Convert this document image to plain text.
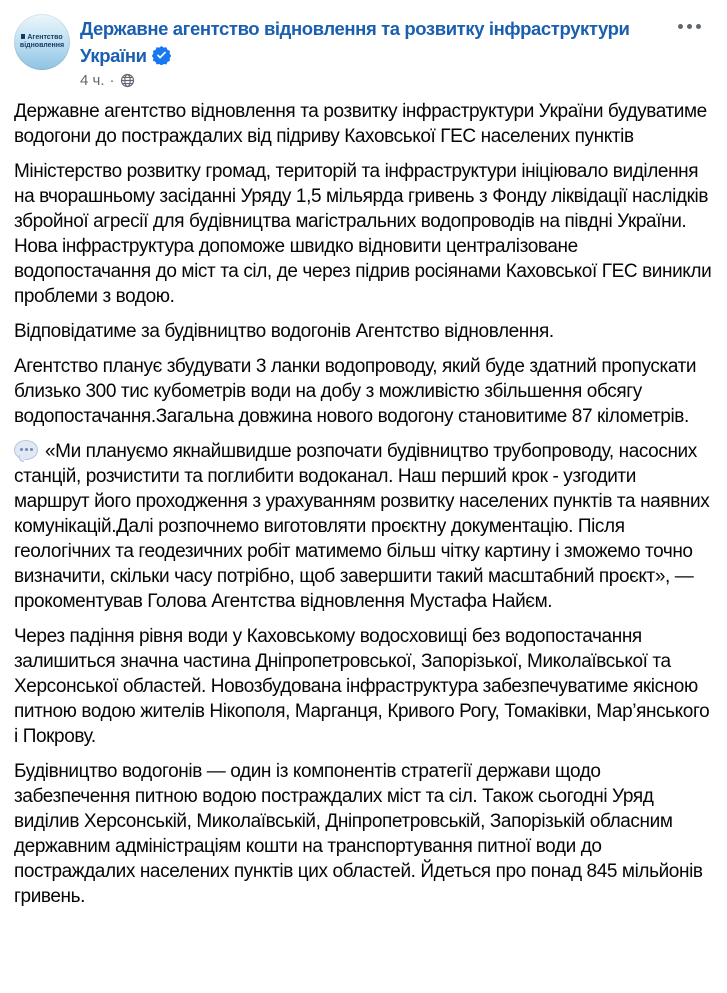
Агентство
відновлення
Державне агентство відновлення та розвитку інфраструктури України
4 ч. ·

Державне агентство відновлення та розвитку інфраструктури України будуватиме водогони до постраждалих від підриву Каховської ГЕС населених пунктів

Міністерство розвитку громад, територій та інфраструктури ініціювало виділення на вчорашньому засіданні Уряду 1,5 мільярда гривень з Фонду ліквідації наслідків збройної агресії для будівництва магістральних водопроводів на півдні України. Нова інфраструктура допоможе швидко відновити централізоване водопостачання до міст та сіл, де через підрив росіянами Каховської ГЕС виникли проблеми з водою.

Відповідатиме за будівництво водогонів Агентство відновлення.

Агентство планує збудувати 3 ланки водопроводу, який буде здатний пропускати близько 300 тис кубометрів води на добу з можливістю збільшення обсягу водопостачання.Загальна довжина нового водогону становитиме 87 кілометрів.

«Ми плануємо якнайшвидше розпочати будівництво трубопроводу, насосних станцій, розчистити та поглибити водоканал. Наш перший крок - узгодити маршрут його проходження з урахуванням розвитку населених пунктів та наявних комунікацій.Далі розпочнемо виготовляти проєктну документацію. Після геологічних та геодезичних робіт матимемо більш чітку картину і зможемо точно визначити, скільки часу потрібно, щоб завершити такий масштабний проєкт», — прокоментував Голова Агентства відновлення Мустафа Найєм.

Через падіння рівня води у Каховському водосховищі без водопостачання залишиться значна частина Дніпропетровської, Запорізької, Миколаївської та Херсонської областей. Новозбудована інфраструктура забезпечуватиме якісною питною водою жителів Нікополя, Марганця, Кривого Рогу, Томаківки, Мар’янського і Покрову.

Будівництво водогонів — один із компонентів стратегії держави щодо забезпечення питною водою постраждалих міст та сіл. Також сьогодні Уряд виділив Херсонській, Миколаївській, Дніпропетровській, Запорізькій обласним державним адміністраціям кошти на транспортування питної води до постраждалих населених пунктів цих областей. Йдеться про понад 845 мільйонів гривень.
